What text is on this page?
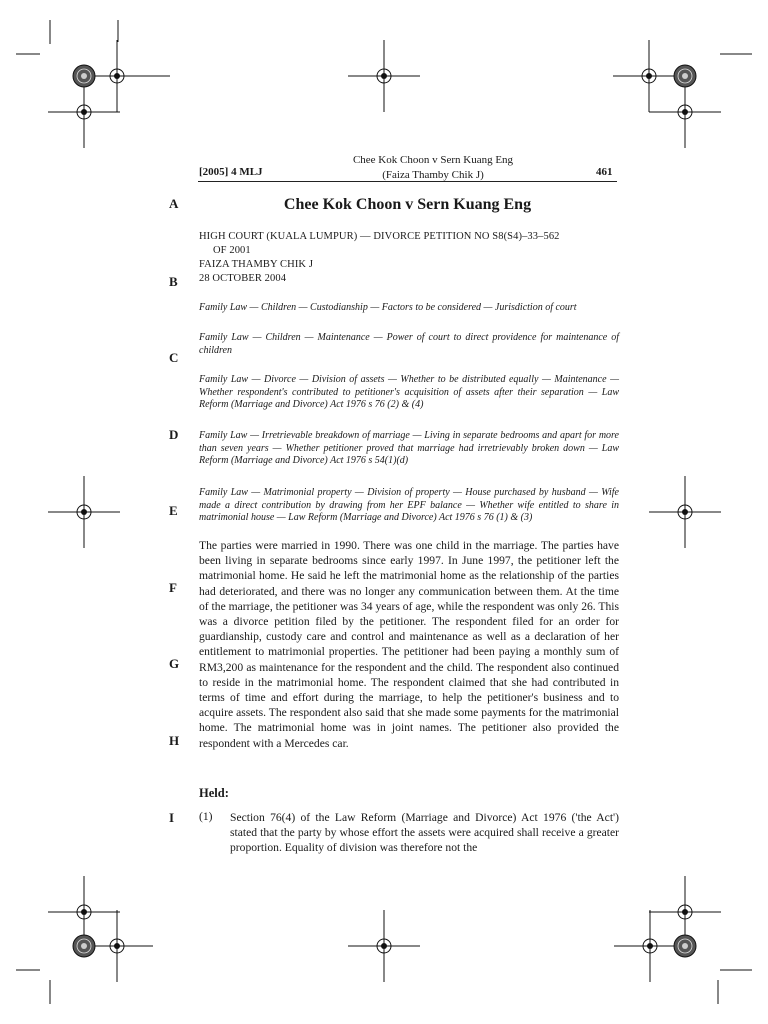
[2005] 4 MLJ
Chee Kok Choon v Sern Kuang Eng
(Faiza Thamby Chik J)	461
A
B
C
D
E
F
G
H
I
Chee Kok Choon v Sern Kuang Eng
HIGH COURT (KUALA LUMPUR) — DIVORCE PETITION NO S8(S4)–33–562
OF 2001
FAIZA THAMBY CHIK J
28 OCTOBER 2004
Family Law — Children — Custodianship — Factors to be considered — Jurisdiction of court
Family Law — Children — Maintenance — Power of court to direct providence for maintenance of children
Family Law — Divorce — Division of assets — Whether to be distributed equally — Maintenance — Whether respondent's contributed to petitioner's acquisition of assets after their separation — Law Reform (Marriage and Divorce) Act 1976 s 76 (2) & (4)
Family Law — Irretrievable breakdown of marriage — Living in separate bedrooms and apart for more than seven years — Whether petitioner proved that marriage had irretrievably broken down — Law Reform (Marriage and Divorce) Act 1976 s 54(1)(d)
Family Law — Matrimonial property — Division of property — House purchased by husband — Wife made a direct contribution by drawing from her EPF balance — Whether wife entitled to share in matrimonial house — Law Reform (Marriage and Divorce) Act 1976 s 76 (1) & (3)
The parties were married in 1990. There was one child in the marriage. The parties have been living in separate bedrooms since early 1997. In June 1997, the petitioner left the matrimonial home. He said he left the matrimonial home as the relationship of the parties had deteriorated, and there was no longer any communication between them. At the time of the marriage, the petitioner was 34 years of age, while the respondent was only 26. This was a divorce petition filed by the petitioner. The respondent filed for an order for guardianship, custody care and control and maintenance as well as a declaration of her entitlement to matrimonial properties. The petitioner had been paying a monthly sum of RM3,200 as maintenance for the respondent and the child. The respondent also continued to reside in the matrimonial home. The respondent claimed that she had contributed in terms of time and effort during the marriage, to help the petitioner's business and to acquire assets. The respondent also said that she made some payments for the matrimonial home. The matrimonial home was in joint names. The petitioner also provided the respondent with a Mercedes car.
Held:
(1) Section 76(4) of the Law Reform (Marriage and Divorce) Act 1976 ('the Act') stated that the party by whose effort the assets were acquired shall receive a greater proportion. Equality of division was therefore not the
